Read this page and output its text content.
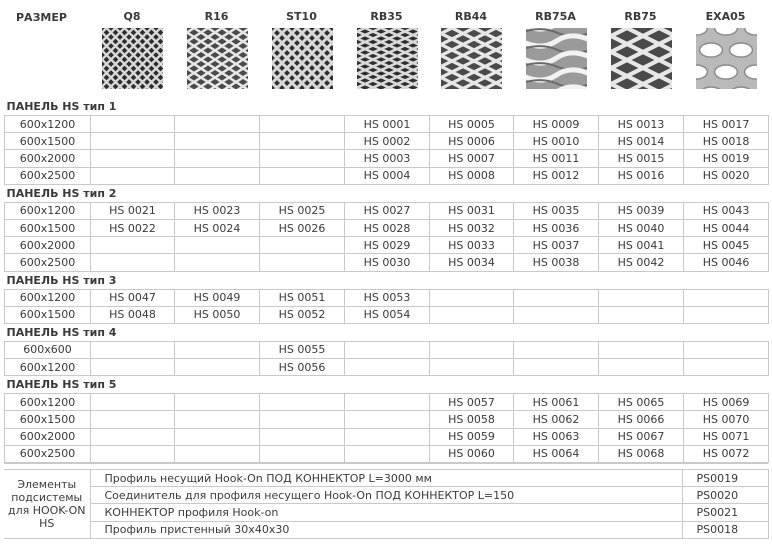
РАЗМЕР	Q8	R16	ST10	RB35	RB44	RB75A	RB75	EXA05
ПАНЕЛЬ HS тип 1								
600x1200				HS 0001	HS 0005	HS 0009	HS 0013	HS 0017
600x1500				HS 0002	HS 0006	HS 0010	HS 0014	HS 0018
600x2000				HS 0003	HS 0007	HS 0011	HS 0015	HS 0019
600x2500				HS 0004	HS 0008	HS 0012	HS 0016	HS 0020
ПАНЕЛЬ HS тип 2								
600x1200	HS 0021	HS 0023	HS 0025	HS 0027	HS 0031	HS 0035	HS 0039	HS 0043
600x1500	HS 0022	HS 0024	HS 0026	HS 0028	HS 0032	HS 0036	HS 0040	HS 0044
600x2000				HS 0029	HS 0033	HS 0037	HS 0041	HS 0045
600x2500				HS 0030	HS 0034	HS 0038	HS 0042	HS 0046
ПАНЕЛЬ HS тип 3								
600x1200	HS 0047	HS 0049	HS 0051	HS 0053				
600x1500	HS 0048	HS 0050	HS 0052	HS 0054				
ПАНЕЛЬ HS тип 4								
600x600			HS 0055					
600x1200			HS 0056					
ПАНЕЛЬ HS тип 5								
600x1200					HS 0057	HS 0061	HS 0065	HS 0069
600x1500					HS 0058	HS 0062	HS 0066	HS 0070
600x2000					HS 0059	HS 0063	HS 0067	HS 0071
600x2500					HS 0060	HS 0064	HS 0068	HS 0072
Элементы подсистемы для HOOK-ON HS	Профиль несущий Hook-On ПОД КОННЕКТОР L=3000 мм	PS0019
	Соединитель для профиля несущего Hook-On ПОД КОННЕКТОР L=150	PS0020
	КОННЕКТОР профиля Hook-on	PS0021
	Профиль пристенный 30х40х30	PS0018
